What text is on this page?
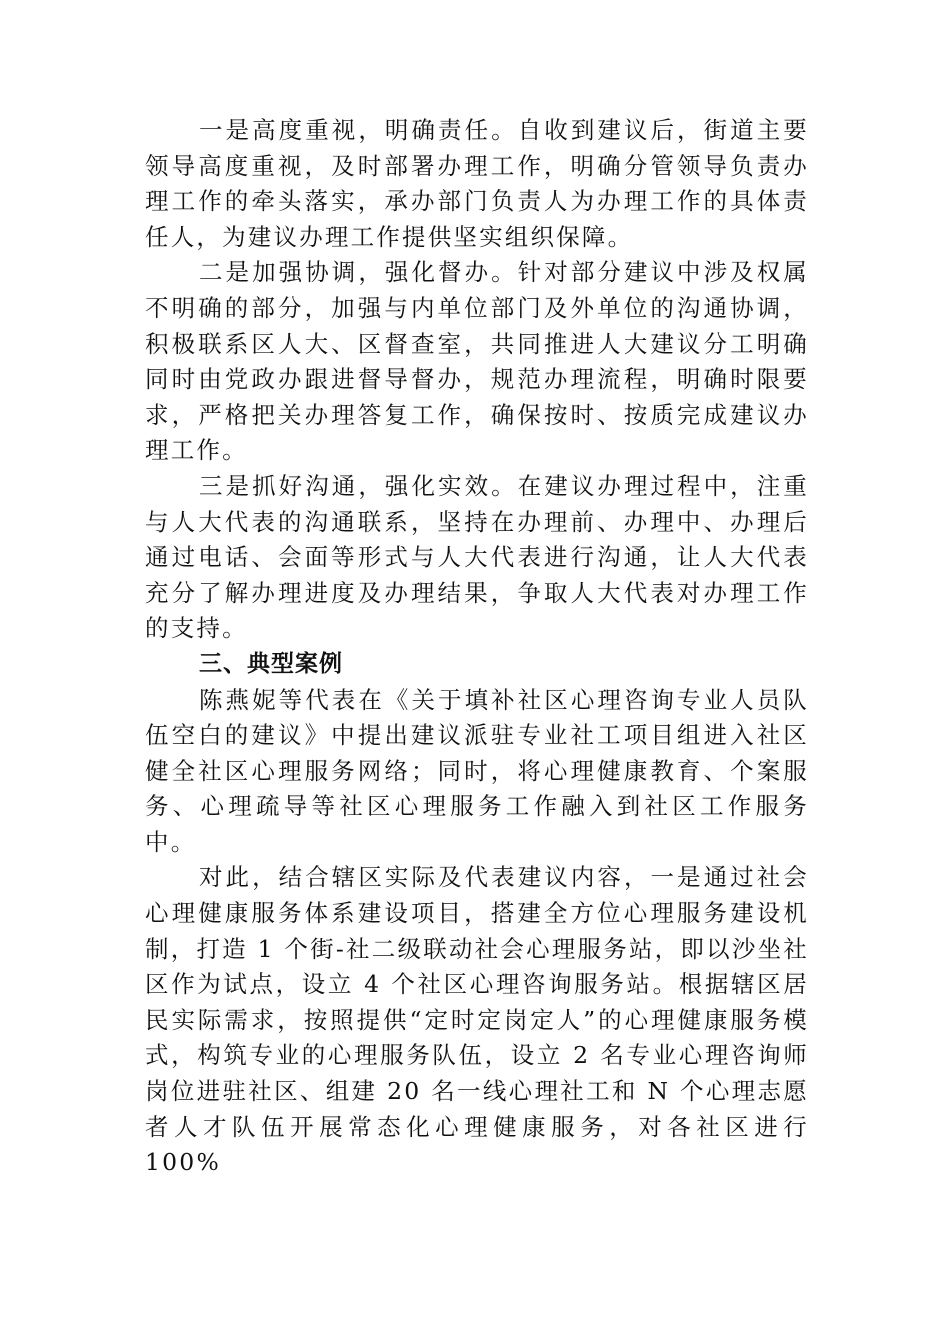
一是高度重视，明确责任。自收到建议后，街道主要领导高度重视，及时部署办理工作，明确分管领导负责办理工作的牵头落实，承办部门负责人为办理工作的具体责任人，为建议办理工作提供坚实组织保障。

二是加强协调，强化督办。针对部分建议中涉及权属不明确的部分，加强与内单位部门及外单位的沟通协调，积极联系区人大、区督查室，共同推进人大建议分工明确同时由党政办跟进督导督办，规范办理流程，明确时限要求，严格把关办理答复工作，确保按时、按质完成建议办理工作。

三是抓好沟通，强化实效。在建议办理过程中，注重与人大代表的沟通联系，坚持在办理前、办理中、办理后通过电话、会面等形式与人大代表进行沟通，让人大代表充分了解办理进度及办理结果，争取人大代表对办理工作的支持。

三、典型案例

陈燕妮等代表在《关于填补社区心理咨询专业人员队伍空白的建议》中提出建议派驻专业社工项目组进入社区健全社区心理服务网络；同时，将心理健康教育、个案服务、心理疏导等社区心理服务工作融入到社区工作服务中。

对此，结合辖区实际及代表建议内容，一是通过社会心理健康服务体系建设项目，搭建全方位心理服务建设机制，打造 1 个街-社二级联动社会心理服务站，即以沙坐社区作为试点，设立 4 个社区心理咨询服务站。根据辖区居民实际需求，按照提供“定时定岗定人”的心理健康服务模式，构筑专业的心理服务队伍，设立 2 名专业心理咨询师岗位进驻社区、组建 20 名一线心理社工和 N 个心理志愿者人才队伍开展常态化心理健康服务，对各社区进行 100%
